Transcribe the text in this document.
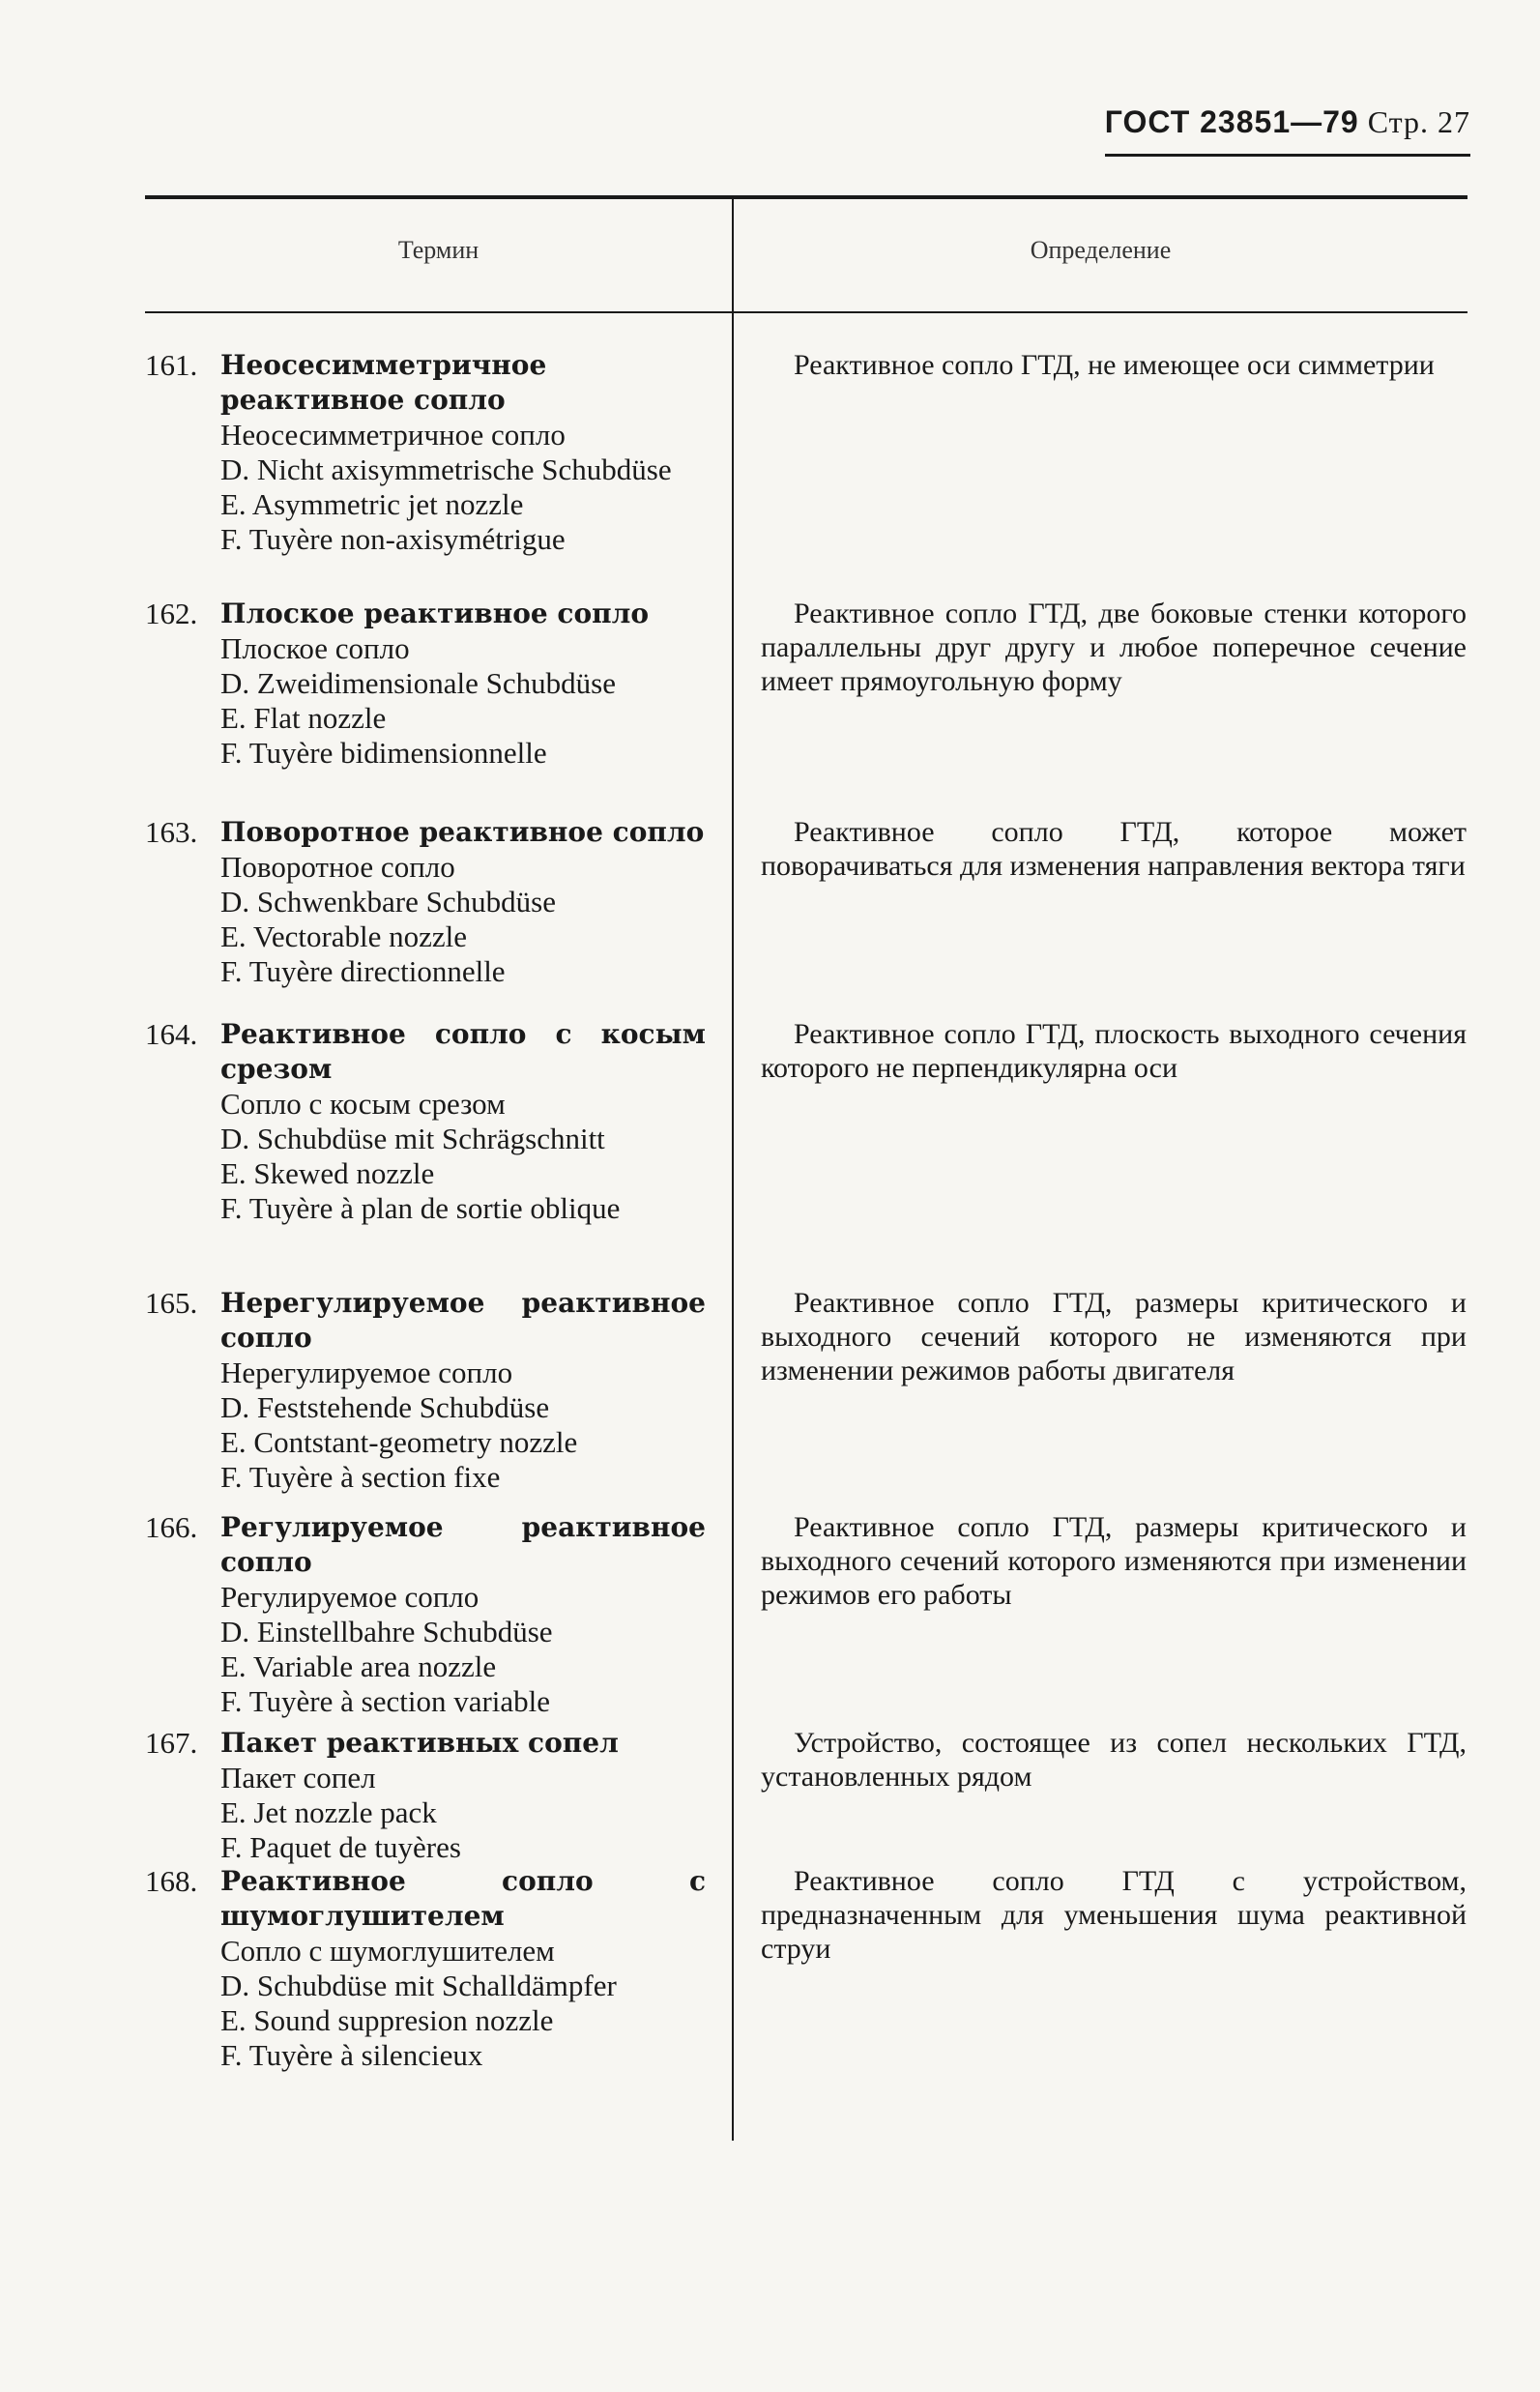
ГОСТ 23851—79 Стр. 27
Термин	Определение
161. Неосесимметричное реактивное сопло
Неосесимметричное сопло
D. Nicht axisymmetrische Schubdüse
E. Asymmetric jet nozzle
F. Tuyère non-axisymétrigue
Реактивное сопло ГТД, не имеющее оси симметрии
162. Плоское реактивное сопло
Плоское сопло
D. Zweidimensionale Schubdüse
E. Flat nozzle
F. Tuyère bidimensionnelle
Реактивное сопло ГТД, две боковые стенки которого параллельны друг другу и любое поперечное сечение имеет прямоугольную форму
163. Поворотное реактивное сопло
Поворотное сопло
D. Schwenkbare Schubdüse
E. Vectorable nozzle
F. Tuyère directionnelle
Реактивное сопло ГТД, которое может поворачиваться для изменения направления вектора тяги
164. Реактивное сопло с косым срезом
Сопло с косым срезом
D. Schubdüse mit Schrägschnitt
E. Skewed nozzle
F. Tuyère à plan de sortie oblique
Реактивное сопло ГТД, плоскость выходного сечения которого не перпендикулярна оси
165. Нерегулируемое реактивное сопло
Нерегулируемое сопло
D. Feststehende Schubdüse
E. Contstant-geometry nozzle
F. Tuyère à section fixe
Реактивное сопло ГТД, размеры критического и выходного сечений которого не изменяются при изменении режимов работы двигателя
166. Регулируемое реактивное сопло
Регулируемое сопло
D. Einstellbahre Schubdüse
E. Variable area nozzle
F. Tuyère à section variable
Реактивное сопло ГТД, размеры критического и выходного сечений которого изменяются при изменении режимов его работы
167. Пакет реактивных сопел
Пакет сопел
E. Jet nozzle pack
F. Paquet de tuyères
Устройство, состоящее из сопел нескольких ГТД, установленных рядом
168. Реактивное сопло с шумоглушителем
Сопло с шумоглушителем
D. Schubdüse mit Schalldämpfer
E. Sound suppresion nozzle
F. Tuyère à silencieux
Реактивное сопло ГТД с устройством, предназначенным для уменьшения шума реактивной струи
